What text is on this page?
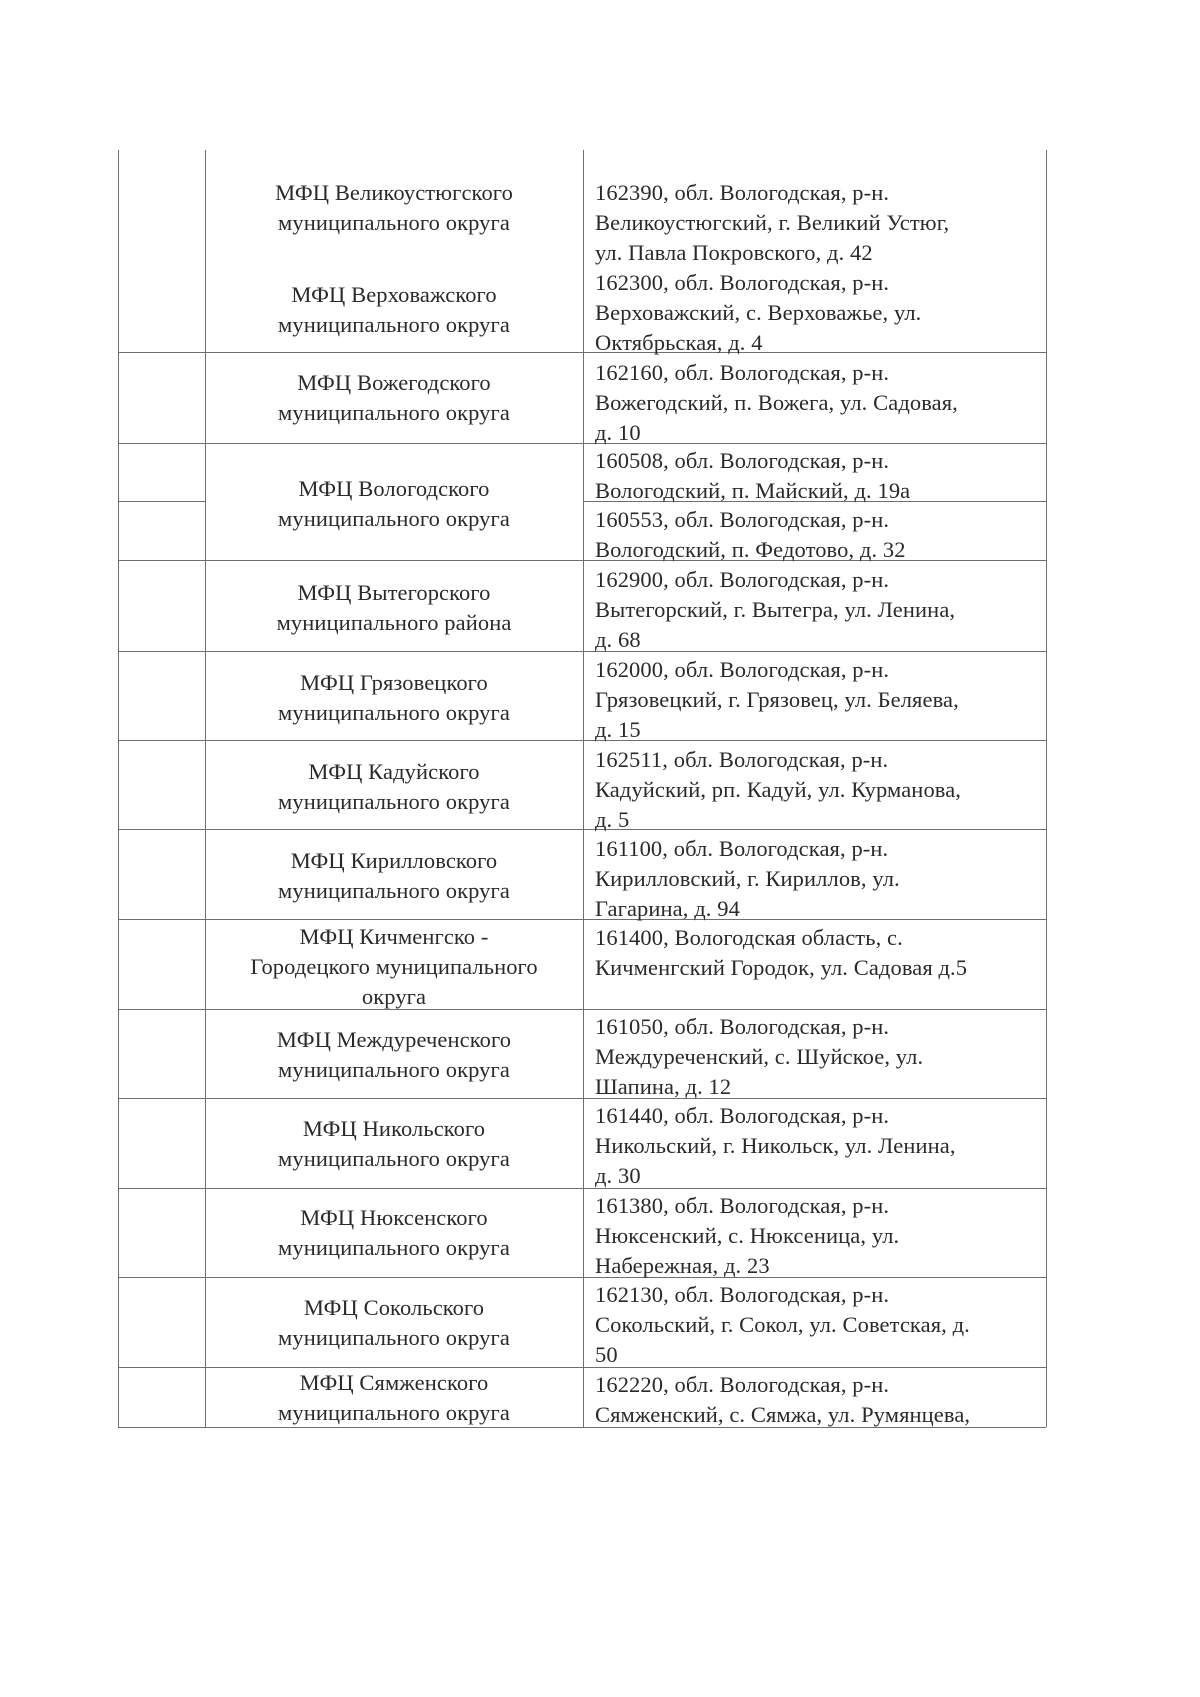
МФЦ Великоустюгского
муниципального округа
162390, обл. Вологодская, р-н.
Великоустюгский, г. Великий Устюг,
ул. Павла Покровского, д. 42
МФЦ Верховажского
муниципального округа
162300, обл. Вологодская, р-н.
Верховажский, с. Верховажье, ул.
Октябрьская, д. 4
МФЦ Вожегодского
муниципального округа
162160, обл. Вологодская, р-н.
Вожегодский, п. Вожега, ул. Садовая,
д. 10
МФЦ Вологодского
муниципального округа
160508, обл. Вологодская, р-н.
Вологодский, п. Майский, д. 19а
160553, обл. Вологодская, р-н.
Вологодский, п. Федотово, д. 32
МФЦ Вытегорского
муниципального района
162900, обл. Вологодская, р-н.
Вытегорский, г. Вытегра, ул. Ленина,
д. 68
МФЦ Грязовецкого
муниципального округа
162000, обл. Вологодская, р-н.
Грязовецкий, г. Грязовец, ул. Беляева,
д. 15
МФЦ Кадуйского
муниципального округа
162511, обл. Вологодская, р-н.
Кадуйский, рп. Кадуй, ул. Курманова,
д. 5
МФЦ Кирилловского
муниципального округа
161100, обл. Вологодская, р-н.
Кирилловский, г. Кириллов, ул.
Гагарина, д. 94
МФЦ Кичменгско -
Городецкого муниципального
округа
161400, Вологодская область, с.
Кичменгский Городок, ул. Садовая д.5
МФЦ Междуреченского
муниципального округа
161050, обл. Вологодская, р-н.
Междуреченский, с. Шуйское, ул.
Шапина, д. 12
МФЦ Никольского
муниципального округа
161440, обл. Вологодская, р-н.
Никольский, г. Никольск, ул. Ленина,
д. 30
МФЦ Нюксенского
муниципального округа
161380, обл. Вологодская, р-н.
Нюксенский, с. Нюксеница, ул.
Набережная, д. 23
МФЦ Сокольского
муниципального округа
162130, обл. Вологодская, р-н.
Сокольский, г. Сокол, ул. Советская, д.
50
МФЦ Сямженского
муниципального округа
162220, обл. Вологодская, р-н.
Сямженский, с. Сямжа, ул. Румянцева,
